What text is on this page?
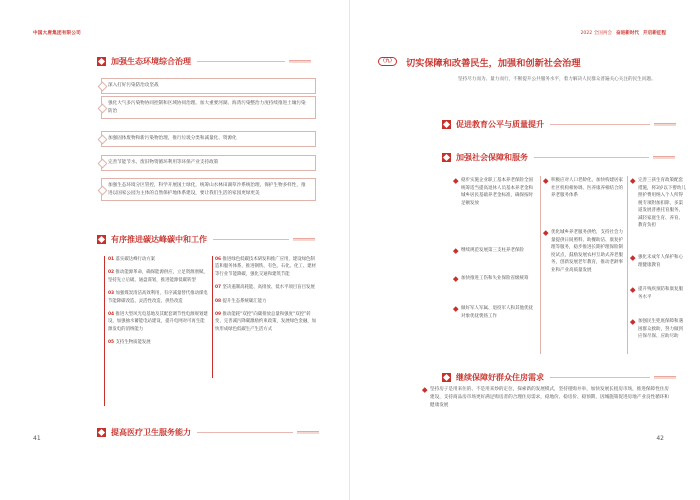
中国大唐集团有限公司
加强生态环境综合治理
深入打好污染防治攻坚战
强化大气多污染物协同控制和区域协同治理。加大重要河湖、海湾污染整治力度持续推进土壤污染防治
加强固体废物和新污染物治理，推行垃圾分类和减量化、资源化
完善节能节水、废旧物资循环利用等环保产业支持政策
加强生态环境分区管控，科学开展国土绿化，统筹山水林田湖草沙系统治理，保护生物多样性，推进以国家公园为主体的自然保护地体系建设，要让我们生活的家园更绿更美
有序推进碳达峰碳中和工作
01 落实碳达峰行动方案
02 推动能源革命，确保能源供应，立足资源禀赋，坚持先立后破、通盘谋划，推进能源低碳转型
03 加强煤炭清洁高效利用，有序减量替代推动煤电节能降碳改造、灵活性改造、供热改造
04 推进大型风光电基地及其配套调节性电源规划建设，加强抽水蓄能电站建设，提升电网对可再生能源发电的消纳能力
05 支持生物质能发展
06 推进绿色低碳技术研发和推广应用，建设绿色制造和服务体系，推进钢铁、有色、石化、化工、建材等行业节能降碳，强化交通和建筑节能
07 坚决遏制高耗能、高排放、低水平项目盲目发展
08 提升生态系统碳汇能力
09 推动能耗“双控”向碳排放总量和强度“双控”转变，完善减污降碳激励约束政策，发展绿色金融，加快形成绿色低碳生产生活方式
提高医疗卫生服务能力
41
2022 全国两会 奋进新时代 开启新征程
（九） 切实保障和改善民生，加强和创新社会治理
坚持尽力而为、量力而行，不断提升公共服务水平，着力解决人民群众普遍关心关注的民生问题。
促进教育公平与质量提升
加强社会保障和服务
稳步实施企业职工基本养老保险全国统筹适当提高退休人员基本养老金和城乡居民基础养老金标准，确保按时足额发放
继续规范发展第三支柱养老保险
加快推进工伤和失业保险省级统筹
做好军人军属、退役军人和其他优抚对象优抚褒扬工作
积极应对人口老龄化，加快构建居家社区机构相协调、医养康养相结合的养老服务体系
优化城乡养老服务供给，支持社会力量提供日间照料、助餐助洁、康复护理等服务，稳步推进长期护理保险制度试点，鼓励发展农村互助式养老服务，创新发展老年教育，推动老龄事业和产业高质量发展
完善三孩生育政策配套措施，将3岁以下婴幼儿照护费用纳入个人所得税专项附加扣除，多渠道发展普惠托育服务，减轻家庭生育、养育、教育负担
强化未成年人保护和心理健康教育
提升残疾预防和康复服务水平
加强民生兜底保障和遇困群众救助，努力做到应保尽保、应助尽助
继续保障好群众住房需求
坚持房子是用来住的、不是用来炒的定位，探索新的发展模式，坚持租购并举，加快发展长租房市场，推进保障性住房建设，支持商品房市场更好满足购房者的合理住房需求，稳地价、稳房价、稳预期，因城施策促进房地产业良性循环和健康发展
42
